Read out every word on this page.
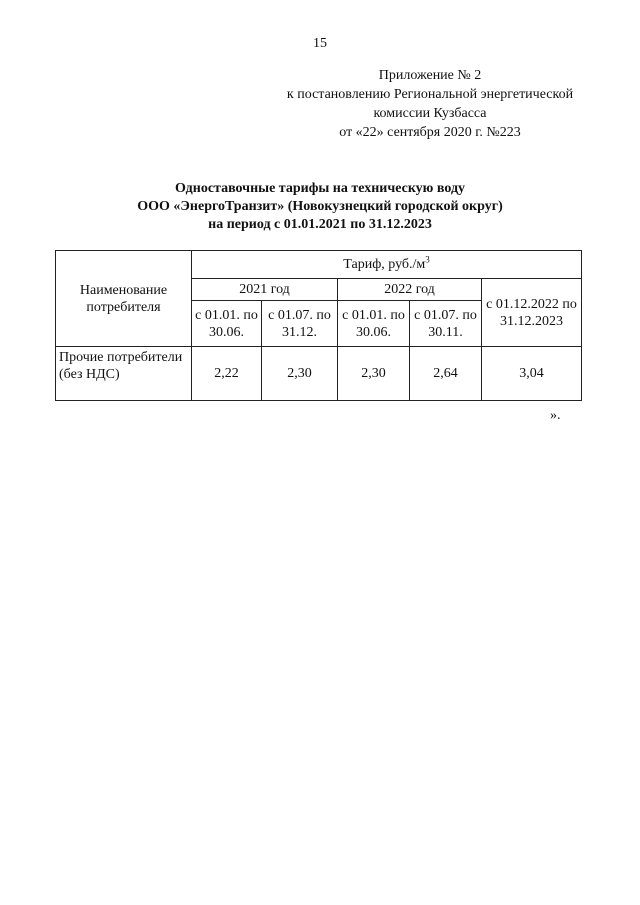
15
Приложение № 2
к постановлению Региональной энергетической
комиссии Кузбасса
от «22» сентября 2020 г. №223
Одноставочные тарифы на техническую воду
ООО «ЭнергоТранзит» (Новокузнецкий городской округ)
на период с 01.01.2021 по 31.12.2023
Наименование потребителя	Тариф, $руб./м^3$
	2021 год		2022 год		с 01.12.2022 по 31.12.2023
	с 01.01. по 30.06.	с 01.07. по 31.12.	с 01.01. по 30.06.	с 01.07. по 30.11.	
Прочие потребители (без НДС)	2,22	2,30	2,30	2,64	3,04
».
